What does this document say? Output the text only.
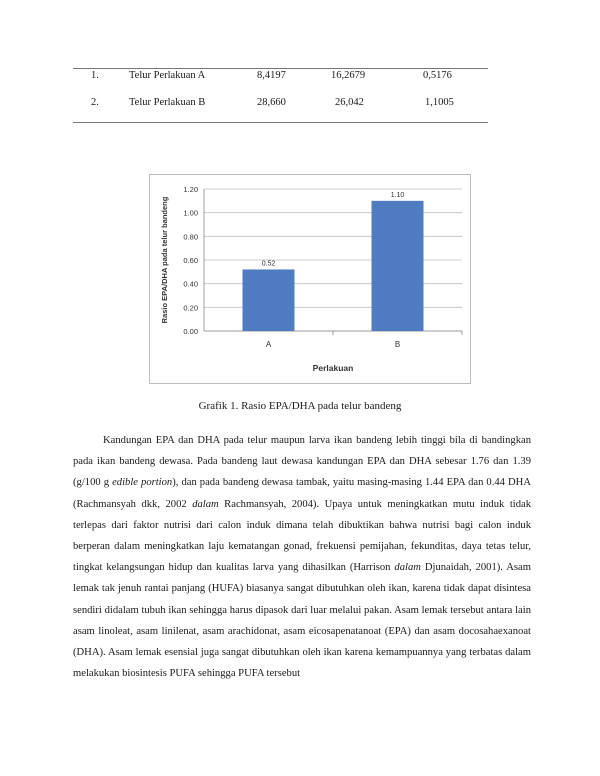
1.	Telur Perlakuan A	8,4197	16,2679	0,5176
2.	Telur Perlakuan B	28,660	26,042	1,1005
0.00
0.20
0.40
0.60
0.80
1.00
1.20
0.52
A
1.10
B
Perlakuan
Rasio EPA/DHA pada telur bandeng
Grafik 1. Rasio EPA/DHA pada telur bandeng

Kandungan EPA dan DHA pada telur maupun larva ikan bandeng lebih tinggi bila di bandingkan pada ikan bandeng dewasa. Pada bandeng laut dewasa kandungan EPA dan DHA sebesar 1.76 dan 1.39 (g/100 g edible portion), dan pada bandeng dewasa tambak, yaitu masing-masing 1.44 EPA dan 0.44 DHA (Rachmansyah dkk, 2002 dalam Rachmansyah, 2004). Upaya untuk meningkatkan mutu induk tidak terlepas dari faktor nutrisi dari calon induk dimana telah dibuktikan bahwa nutrisi bagi calon induk berperan dalam meningkatkan laju kematangan gonad, frekuensi pemijahan, fekunditas, daya tetas telur, tingkat kelangsungan hidup dan kualitas larva yang dihasilkan (Harrison dalam Djunaidah, 2001). Asam lemak tak jenuh rantai panjang (HUFA) biasanya sangat dibutuhkan oleh ikan, karena tidak dapat disintesa sendiri didalam tubuh ikan sehingga harus dipasok dari luar melalui pakan. Asam lemak tersebut antara lain asam linoleat, asam linilenat, asam arachidonat, asam eicosapenatanoat (EPA) dan asam docosahaexanoat (DHA). Asam lemak esensial juga sangat dibutuhkan oleh ikan karena kemampuannya yang terbatas dalam melakukan biosintesis PUFA sehingga PUFA tersebut
